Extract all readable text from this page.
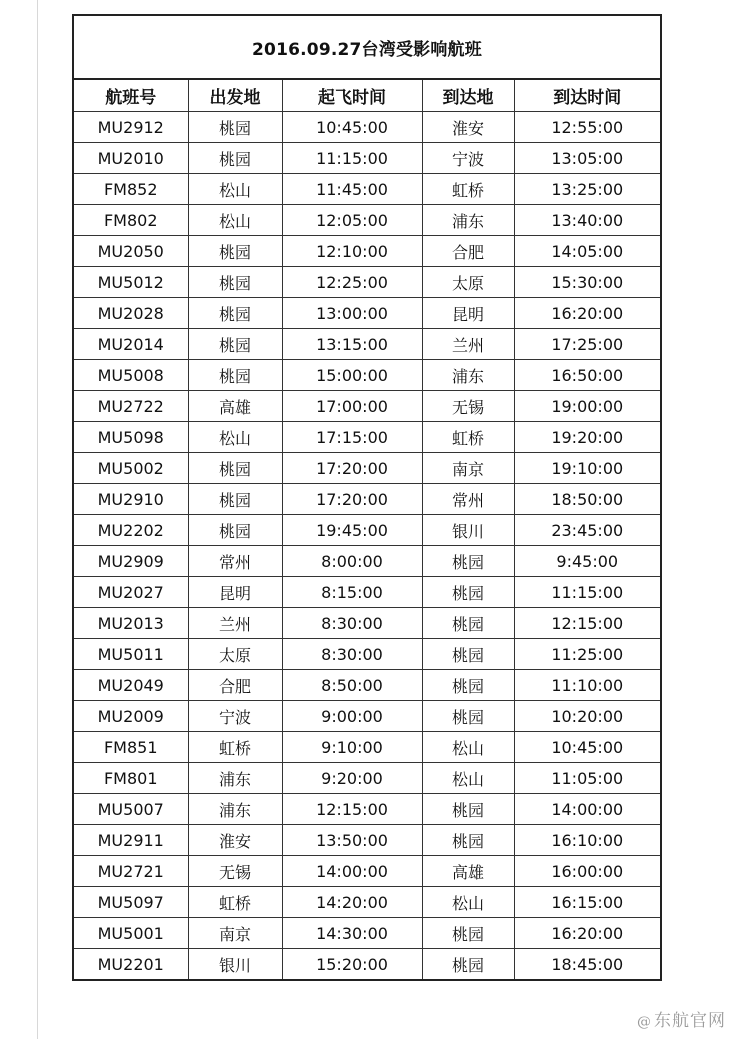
2016.09.27台湾受影响航班
航班号	出发地	起飞时间	到达地	到达时间
MU2912	桃园	10:45:00	淮安	12:55:00
MU2010	桃园	11:15:00	宁波	13:05:00
FM852	松山	11:45:00	虹桥	13:25:00
FM802	松山	12:05:00	浦东	13:40:00
MU2050	桃园	12:10:00	合肥	14:05:00
MU5012	桃园	12:25:00	太原	15:30:00
MU2028	桃园	13:00:00	昆明	16:20:00
MU2014	桃园	13:15:00	兰州	17:25:00
MU5008	桃园	15:00:00	浦东	16:50:00
MU2722	高雄	17:00:00	无锡	19:00:00
MU5098	松山	17:15:00	虹桥	19:20:00
MU5002	桃园	17:20:00	南京	19:10:00
MU2910	桃园	17:20:00	常州	18:50:00
MU2202	桃园	19:45:00	银川	23:45:00
MU2909	常州	8:00:00	桃园	9:45:00
MU2027	昆明	8:15:00	桃园	11:15:00
MU2013	兰州	8:30:00	桃园	12:15:00
MU5011	太原	8:30:00	桃园	11:25:00
MU2049	合肥	8:50:00	桃园	11:10:00
MU2009	宁波	9:00:00	桃园	10:20:00
FM851	虹桥	9:10:00	松山	10:45:00
FM801	浦东	9:20:00	松山	11:05:00
MU5007	浦东	12:15:00	桃园	14:00:00
MU2911	淮安	13:50:00	桃园	16:10:00
MU2721	无锡	14:00:00	高雄	16:00:00
MU5097	虹桥	14:20:00	松山	16:15:00
MU5001	南京	14:30:00	桃园	16:20:00
MU2201	银川	15:20:00	桃园	18:45:00
@ 东航官网
